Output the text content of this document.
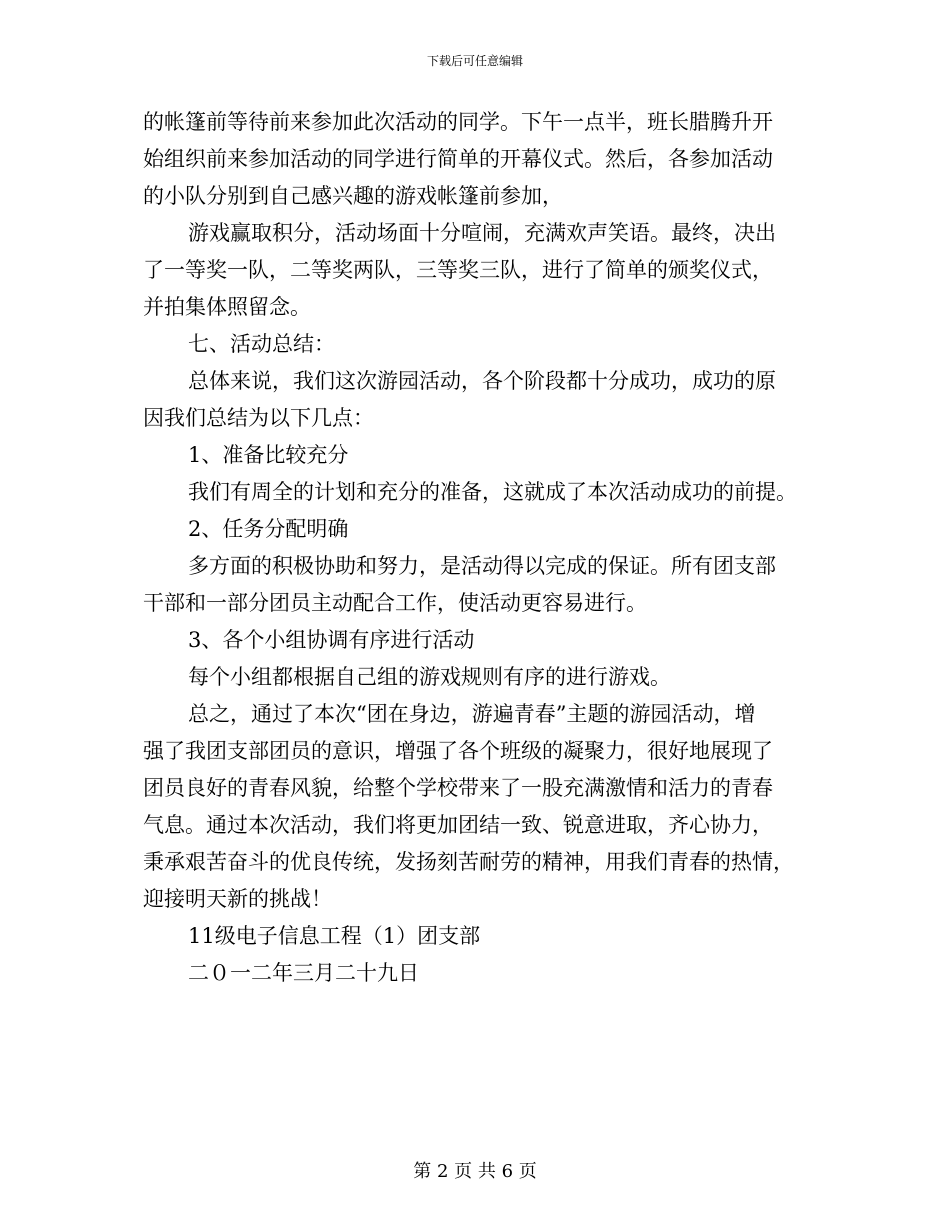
下载后可任意编辑

的帐篷前等待前来参加此次活动的同学。下午一点半，班长腊腾升开

始组织前来参加活动的同学进行简单的开幕仪式。然后，各参加活动

的小队分别到自己感兴趣的游戏帐篷前参加，

游戏赢取积分，活动场面十分喧闹，充满欢声笑语。最终，决出

了一等奖一队，二等奖两队，三等奖三队，进行了简单的颁奖仪式，

并拍集体照留念。

七、活动总结：

总体来说，我们这次游园活动，各个阶段都十分成功，成功的原

因我们总结为以下几点：

1、准备比较充分

我们有周全的计划和充分的准备，这就成了本次活动成功的前提。

2、任务分配明确

多方面的积极协助和努力，是活动得以完成的保证。所有团支部

干部和一部分团员主动配合工作，使活动更容易进行。

3、各个小组协调有序进行活动

每个小组都根据自己组的游戏规则有序的进行游戏。

总之，通过了本次“团在身边，游遍青春”主题的游园活动，增

强了我团支部团员的意识，增强了各个班级的凝聚力，很好地展现了

团员良好的青春风貌，给整个学校带来了一股充满激情和活力的青春

气息。通过本次活动，我们将更加团结一致、锐意进取，齐心协力，

秉承艰苦奋斗的优良传统，发扬刻苦耐劳的精神，用我们青春的热情，

迎接明天新的挑战！

11级电子信息工程（1）团支部

二０一二年三月二十九日

第 2 页 共 6 页
